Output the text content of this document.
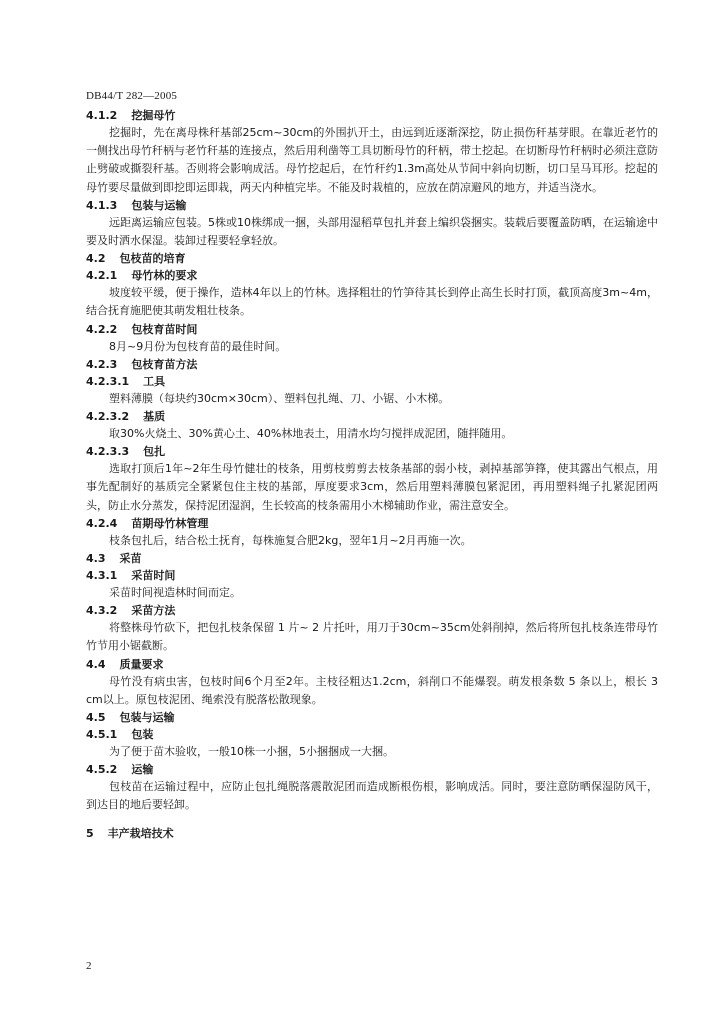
DB44/T 282—2005
4.1.2 挖掘母竹
挖掘时，先在离母株秆基部25cm~30cm的外围扒开土，由远到近逐渐深挖，防止损伤秆基芽眼。在靠近老竹的一侧找出母竹秆柄与老竹秆基的连接点，然后用利凿等工具切断母竹的秆柄，带土挖起。在切断母竹秆柄时必须注意防止劈破或撕裂秆基。否则将会影响成活。母竹挖起后，在竹秆约1.3m高处从节间中斜向切断，切口呈马耳形。挖起的母竹要尽量做到即挖即运即栽，两天内种植完毕。不能及时栽植的，应放在荫凉避风的地方，并适当浇水。
4.1.3 包装与运输
远距离运输应包装。5株或10株绑成一捆，头部用湿稻草包扎并套上编织袋捆实。装载后要覆盖防晒，在运输途中要及时洒水保湿。装卸过程要轻拿轻放。
4.2 包枝苗的培育
4.2.1 母竹林的要求
坡度较平缓，便于操作，造林4年以上的竹林。选择粗壮的竹笋待其长到停止高生长时打顶，截顶高度3m~4m，结合抚育施肥使其萌发粗壮枝条。
4.2.2 包枝育苗时间
8月~9月份为包枝育苗的最佳时间。
4.2.3 包枝育苗方法
4.2.3.1 工具
塑料薄膜（每块约30cm×30cm）、塑料包扎绳、刀、小锯、小木梯。
4.2.3.2 基质
取30%火烧土、30%黄心土、40%林地表土，用清水均匀搅拌成泥团，随拌随用。
4.2.3.3 包扎
选取打顶后1年~2年生母竹健壮的枝条，用剪枝剪剪去枝条基部的弱小枝，剥掉基部笋箨，使其露出气根点，用事先配制好的基质完全紧紧包住主枝的基部，厚度要求3cm，然后用塑料薄膜包紧泥团，再用塑料绳子扎紧泥团两头，防止水分蒸发，保持泥团湿润，生长较高的枝条需用小木梯辅助作业，需注意安全。
4.2.4 苗期母竹林管理
枝条包扎后，结合松土抚育，每株施复合肥2kg，翌年1月~2月再施一次。
4.3 采苗
4.3.1 采苗时间
采苗时间视造林时间而定。
4.3.2 采苗方法
将整株母竹砍下，把包扎枝条保留 1 片~ 2 片托叶，用刀于30cm~35cm处斜削掉，然后将所包扎枝条连带母竹竹节用小锯截断。
4.4 质量要求
母竹没有病虫害，包枝时间6个月至2年。主枝径粗达1.2cm，斜削口不能爆裂。萌发根条数 5 条以上，根长 3 cm以上。原包枝泥团、绳索没有脱落松散现象。
4.5 包装与运输
4.5.1 包装
为了便于苗木验收，一般10株一小捆，5小捆捆成一大捆。
4.5.2 运输
包枝苗在运输过程中，应防止包扎绳脱落震散泥团而造成断根伤根，影响成活。同时，要注意防晒保湿防风干，到达目的地后要轻卸。
5 丰产栽培技术
2
